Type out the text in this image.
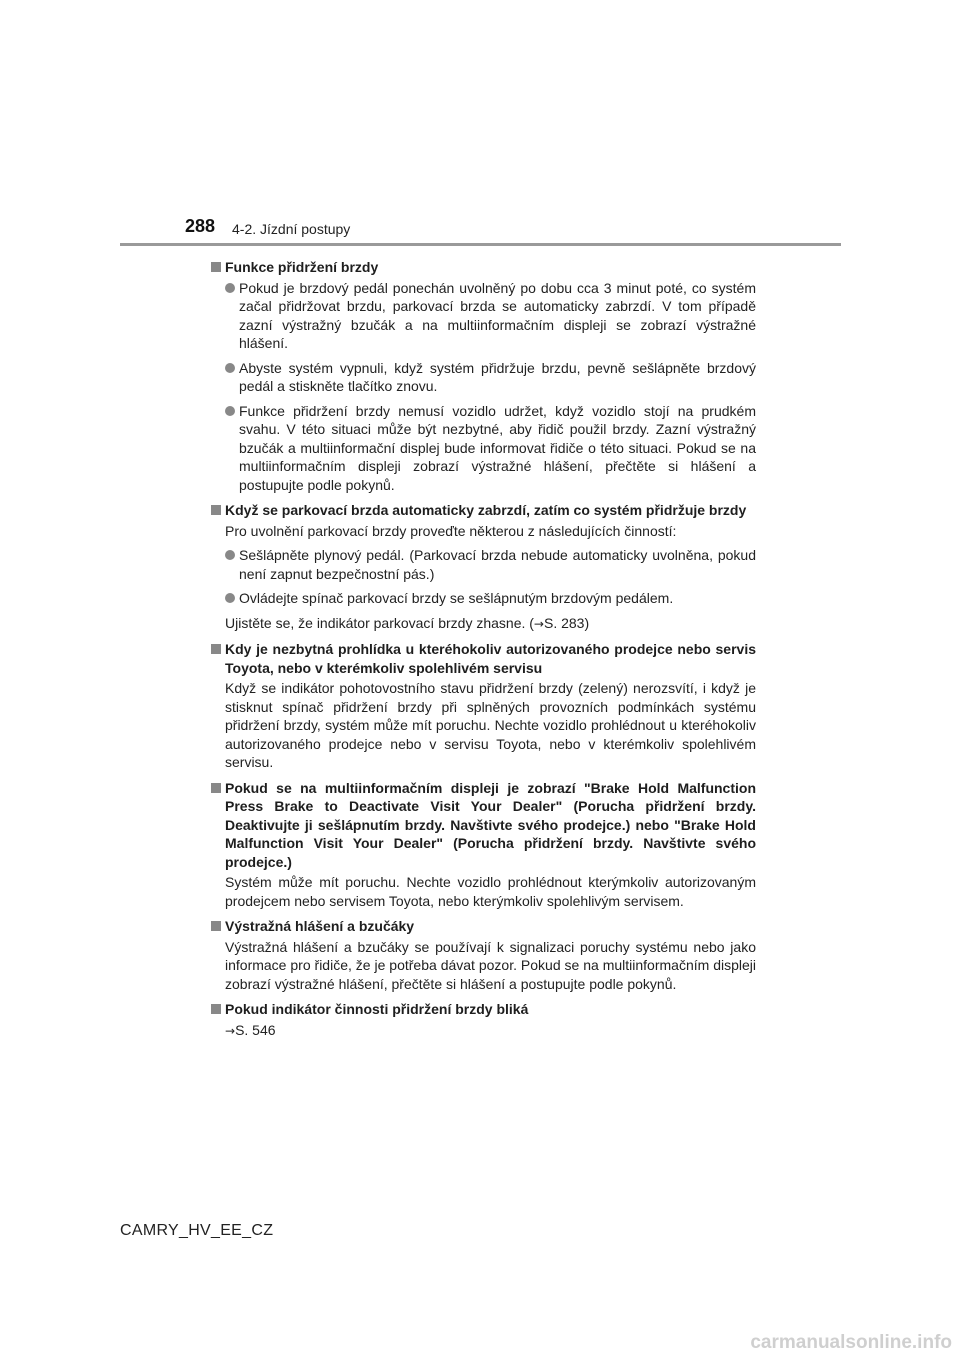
288 4-2. Jízdní postupy
Funkce přidržení brzdy
Pokud je brzdový pedál ponechán uvolněný po dobu cca 3 minut poté, co systém začal přidržovat brzdu, parkovací brzda se automaticky zabrzdí. V tom případě zazní výstražný bzučák a na multiinformačním displeji se zobrazí výstražné hlášení.
Abyste systém vypnuli, když systém přidržuje brzdu, pevně sešlápněte brzdový pedál a stiskněte tlačítko znovu.
Funkce přidržení brzdy nemusí vozidlo udržet, když vozidlo stojí na prudkém svahu. V této situaci může být nezbytné, aby řidič použil brzdy. Zazní výstražný bzučák a multiinformační displej bude informovat řidiče o této situaci. Pokud se na multiinformačním displeji zobrazí výstražné hlášení, přečtěte si hlášení a postupujte podle pokynů.
Když se parkovací brzda automaticky zabrzdí, zatím co systém přidržuje brzdy
Pro uvolnění parkovací brzdy proveďte některou z následujících činností:
Sešlápněte plynový pedál. (Parkovací brzda nebude automaticky uvolněna, pokud není zapnut bezpečnostní pás.)
Ovládejte spínač parkovací brzdy se sešlápnutým brzdovým pedálem.
Ujistěte se, že indikátor parkovací brzdy zhasne. (→S. 283)
Kdy je nezbytná prohlídka u kteréhokoliv autorizovaného prodejce nebo servis Toyota, nebo v kterémkoliv spolehlivém servisu
Když se indikátor pohotovostního stavu přidržení brzdy (zelený) nerozsvítí, i když je stisknut spínač přidržení brzdy při splněných provozních podmínkách systému přidržení brzdy, systém může mít poruchu. Nechte vozidlo prohlédnout u kteréhokoliv autorizovaného prodejce nebo v servisu Toyota, nebo v kterémkoliv spolehlivém servisu.
Pokud se na multiinformačním displeji je zobrazí "Brake Hold Malfunction Press Brake to Deactivate Visit Your Dealer" (Porucha přidržení brzdy. Deaktivujte ji sešlápnutím brzdy. Navštivte svého prodejce.) nebo "Brake Hold Malfunction Visit Your Dealer" (Porucha přidržení brzdy. Navštivte svého prodejce.)
Systém může mít poruchu. Nechte vozidlo prohlédnout kterýmkoliv autorizovaným prodejcem nebo servisem Toyota, nebo kterýmkoliv spolehlivým servisem.
Výstražná hlášení a bzučáky
Výstražná hlášení a bzučáky se používají k signalizaci poruchy systému nebo jako informace pro řidiče, že je potřeba dávat pozor. Pokud se na multiinformačním displeji zobrazí výstražné hlášení, přečtěte si hlášení a postupujte podle pokynů.
Pokud indikátor činnosti přidržení brzdy bliká
→S. 546
CAMRY_HV_EE_CZ
carmanualsonline.info
